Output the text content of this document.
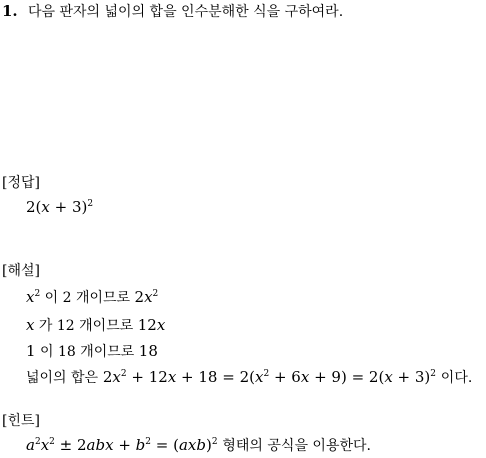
1. 다음 판자의 넓이의 합을 인수분해한 식을 구하여라.
[정답]
$2(x + 3)^2$
[해설]
$x^2$ 이 2 개이므로 $2x^2$
x 가 12 개이므로 12x
1 이 18 개이므로 18
넓이의 합은 $2x^2 + 12x + 18 = 2(x^2 + 6x + 9) = 2(x + 3)^2$ 이다.
[힌트]
$a^2x^2 \pm 2abx + b^2 = (axb)^2$ 형태의 공식을 이용한다.
